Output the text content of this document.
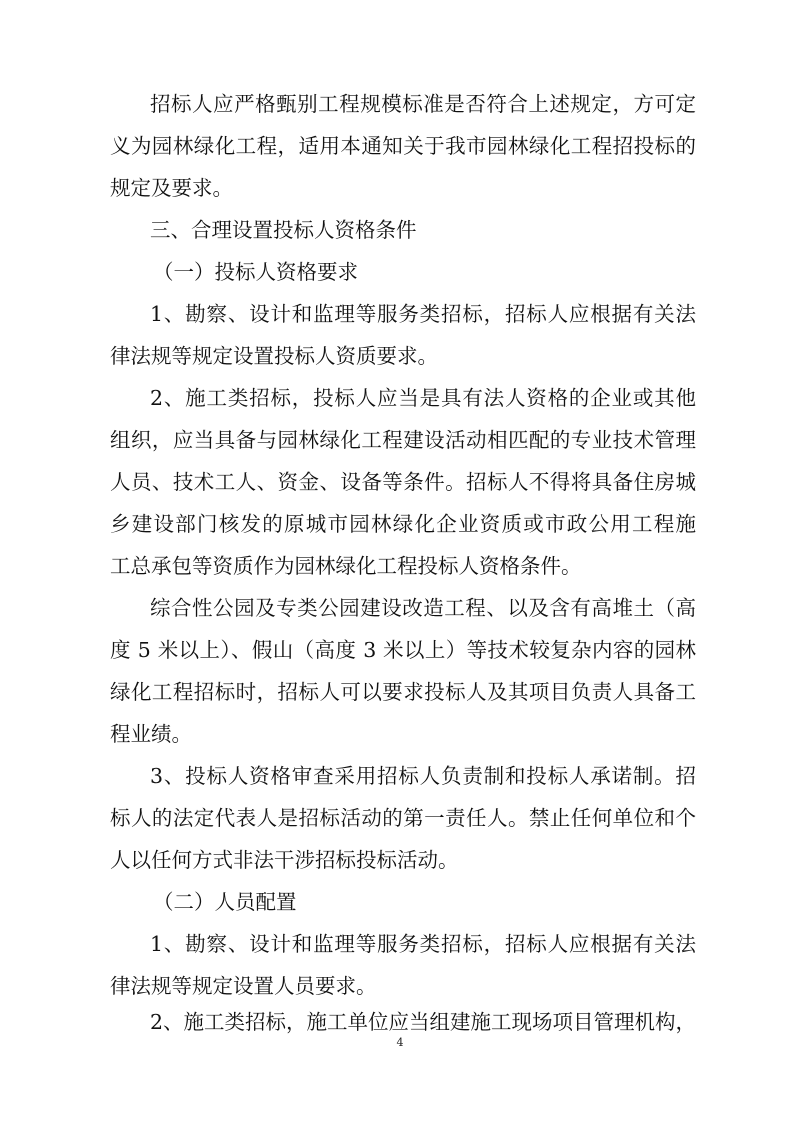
招标人应严格甄别工程规模标准是否符合上述规定，方可定
义为园林绿化工程，适用本通知关于我市园林绿化工程招投标的
规定及要求。
三、合理设置投标人资格条件
（一）投标人资格要求
1、勘察、设计和监理等服务类招标，招标人应根据有关法
律法规等规定设置投标人资质要求。
2、施工类招标，投标人应当是具有法人资格的企业或其他
组织，应当具备与园林绿化工程建设活动相匹配的专业技术管理
人员、技术工人、资金、设备等条件。招标人不得将具备住房城
乡建设部门核发的原城市园林绿化企业资质或市政公用工程施
工总承包等资质作为园林绿化工程投标人资格条件。
综合性公园及专类公园建设改造工程、以及含有高堆土（高
度 5 米以上）、假山（高度 3 米以上）等技术较复杂内容的园林
绿化工程招标时，招标人可以要求投标人及其项目负责人具备工
程业绩。
3、投标人资格审查采用招标人负责制和投标人承诺制。招
标人的法定代表人是招标活动的第一责任人。禁止任何单位和个
人以任何方式非法干涉招标投标活动。
（二）人员配置
1、勘察、设计和监理等服务类招标，招标人应根据有关法
律法规等规定设置人员要求。
2、施工类招标，施工单位应当组建施工现场项目管理机构，
4
